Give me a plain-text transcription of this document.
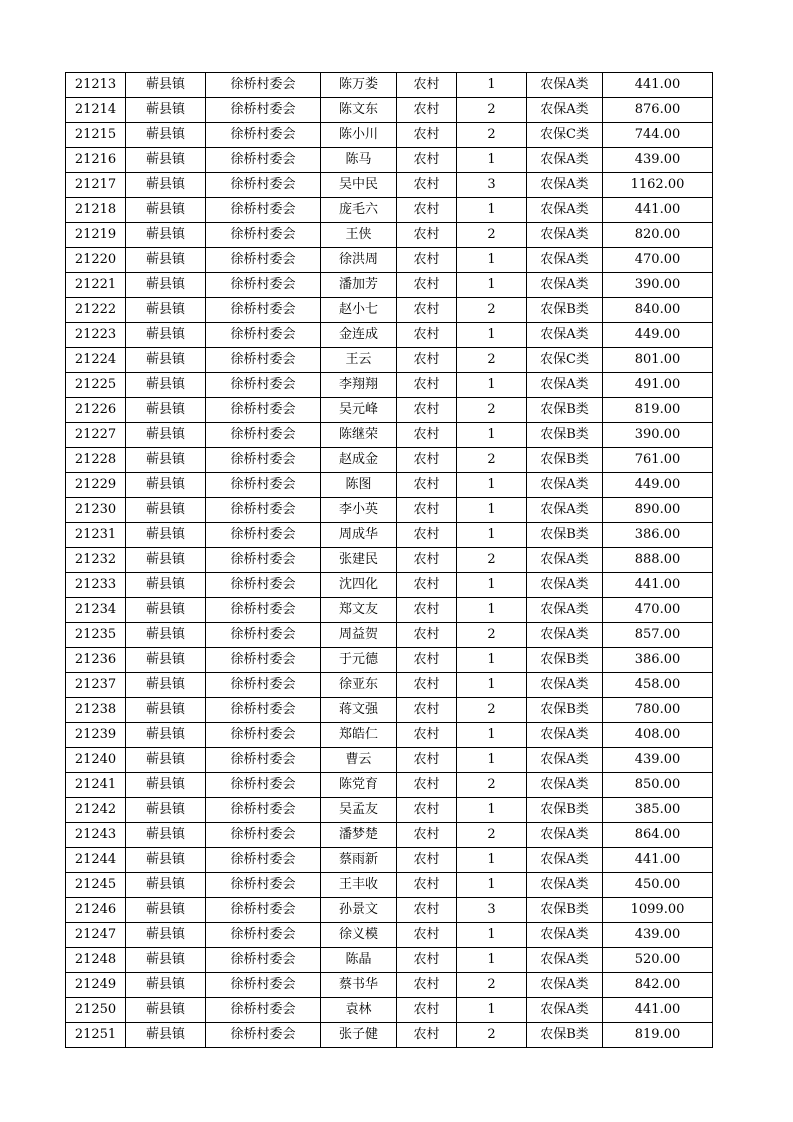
21213	蕲县镇	徐桥村委会	陈万娄	农村	1	农保A类	441.00
21214	蕲县镇	徐桥村委会	陈文东	农村	2	农保A类	876.00
21215	蕲县镇	徐桥村委会	陈小川	农村	2	农保C类	744.00
21216	蕲县镇	徐桥村委会	陈马	农村	1	农保A类	439.00
21217	蕲县镇	徐桥村委会	吴中民	农村	3	农保A类	1162.00
21218	蕲县镇	徐桥村委会	庞毛六	农村	1	农保A类	441.00
21219	蕲县镇	徐桥村委会	王侠	农村	2	农保A类	820.00
21220	蕲县镇	徐桥村委会	徐洪周	农村	1	农保A类	470.00
21221	蕲县镇	徐桥村委会	潘加芳	农村	1	农保A类	390.00
21222	蕲县镇	徐桥村委会	赵小七	农村	2	农保B类	840.00
21223	蕲县镇	徐桥村委会	金连成	农村	1	农保A类	449.00
21224	蕲县镇	徐桥村委会	王云	农村	2	农保C类	801.00
21225	蕲县镇	徐桥村委会	李翔翔	农村	1	农保A类	491.00
21226	蕲县镇	徐桥村委会	吴元峰	农村	2	农保B类	819.00
21227	蕲县镇	徐桥村委会	陈继荣	农村	1	农保B类	390.00
21228	蕲县镇	徐桥村委会	赵成金	农村	2	农保B类	761.00
21229	蕲县镇	徐桥村委会	陈图	农村	1	农保A类	449.00
21230	蕲县镇	徐桥村委会	李小英	农村	1	农保A类	890.00
21231	蕲县镇	徐桥村委会	周成华	农村	1	农保B类	386.00
21232	蕲县镇	徐桥村委会	张建民	农村	2	农保A类	888.00
21233	蕲县镇	徐桥村委会	沈四化	农村	1	农保A类	441.00
21234	蕲县镇	徐桥村委会	郑文友	农村	1	农保A类	470.00
21235	蕲县镇	徐桥村委会	周益贺	农村	2	农保A类	857.00
21236	蕲县镇	徐桥村委会	于元德	农村	1	农保B类	386.00
21237	蕲县镇	徐桥村委会	徐亚东	农村	1	农保A类	458.00
21238	蕲县镇	徐桥村委会	蒋文强	农村	2	农保B类	780.00
21239	蕲县镇	徐桥村委会	郑皓仁	农村	1	农保A类	408.00
21240	蕲县镇	徐桥村委会	曹云	农村	1	农保A类	439.00
21241	蕲县镇	徐桥村委会	陈党育	农村	2	农保A类	850.00
21242	蕲县镇	徐桥村委会	吴孟友	农村	1	农保B类	385.00
21243	蕲县镇	徐桥村委会	潘梦楚	农村	2	农保A类	864.00
21244	蕲县镇	徐桥村委会	蔡雨新	农村	1	农保A类	441.00
21245	蕲县镇	徐桥村委会	王丰收	农村	1	农保A类	450.00
21246	蕲县镇	徐桥村委会	孙景文	农村	3	农保B类	1099.00
21247	蕲县镇	徐桥村委会	徐义模	农村	1	农保A类	439.00
21248	蕲县镇	徐桥村委会	陈晶	农村	1	农保A类	520.00
21249	蕲县镇	徐桥村委会	蔡书华	农村	2	农保A类	842.00
21250	蕲县镇	徐桥村委会	袁林	农村	1	农保A类	441.00
21251	蕲县镇	徐桥村委会	张子健	农村	2	农保B类	819.00
